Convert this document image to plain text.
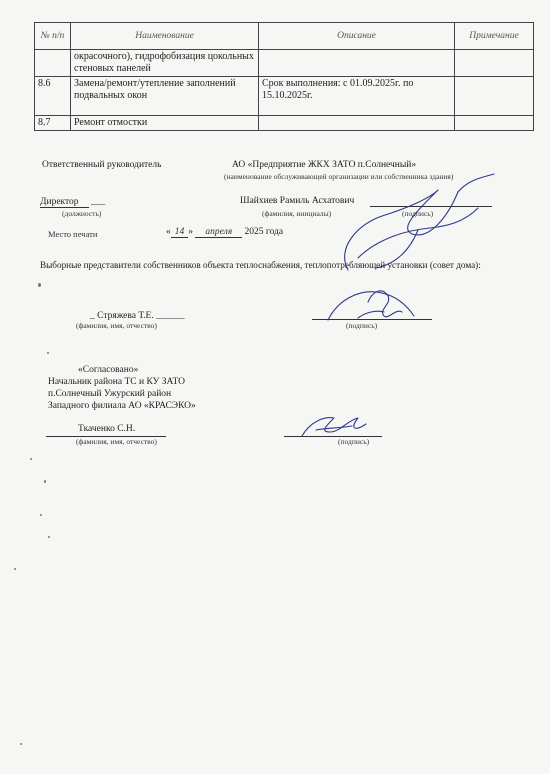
№ п/п	Наименование	Описание	Примечание
	окрасочного), гидрофобизация цокольных стеновых панелей		
8.6	Замена/ремонт/утепление заполнений подвальных окон	Срок выполнения: с 01.09.2025г. по 15.10.2025г.	
8.7	Ремонт отмостки		
Ответственный руководитель	АО «Предприятие ЖКХ ЗАТО п.Солнечный»
(наименование обслуживающей организации или собственника здания)
Директор ___
(должность)
Шайхиев Рамиль Асхатович
(фамилия, инициалы)	(подпись)
Место печати	« 14 » апреля 2025 года
Выборные представители собственников объекта теплоснабжения, теплопотребляющей установки (совет дома):
_ Стряжева Т.Е. ______
(фамилия, имя, отчество)	(подпись)
«Согласовано»
Начальник района ТС и КУ ЗАТО
п.Солнечный Ужурский район
Западного филиала АО «КРАСЭКО»
Ткаченко С.Н.
(фамилия, имя, отчество)	(подпись)
